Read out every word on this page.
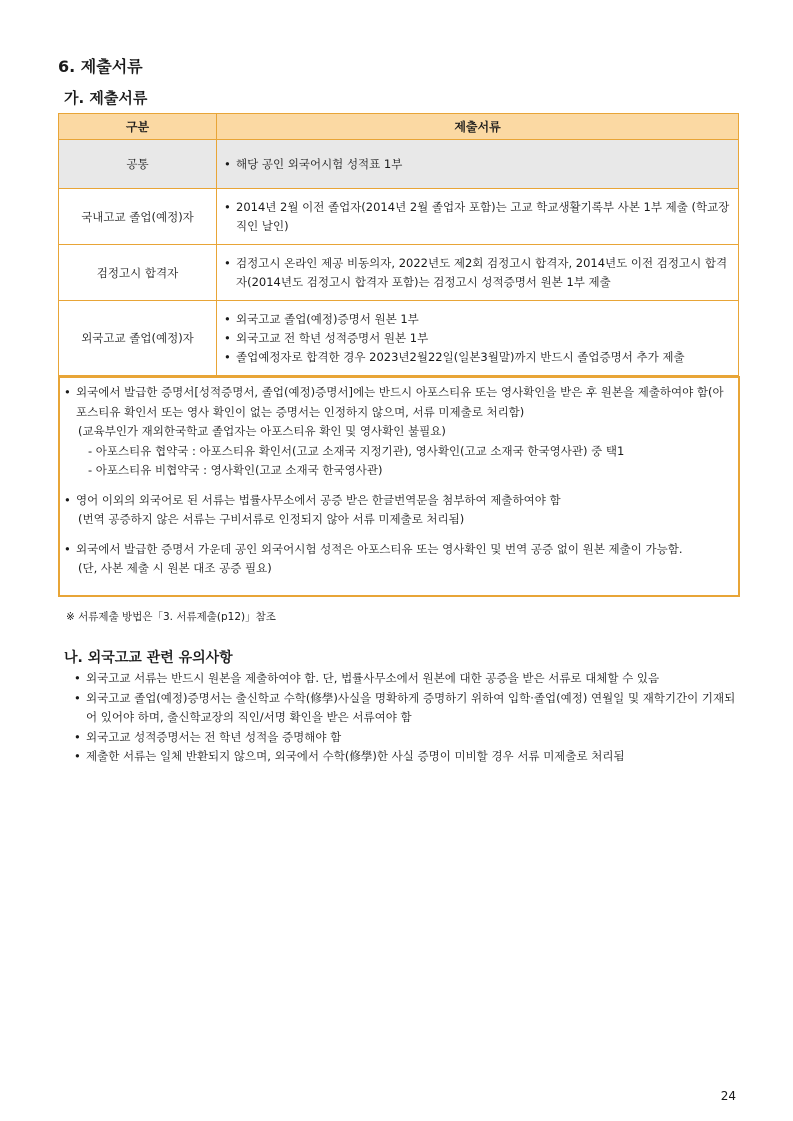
6. 제출서류
가. 제출서류
구분	제출서류
공통	• 해당 공인 외국어시험 성적표 1부

국내고교 졸업(예정)자	• 2014년 2월 이전 졸업자(2014년 2월 졸업자 포함)는 고교 학교생활기록부 사본 1부 제출 (학교장 직인 날인)

검정고시 합격자	• 검정고시 온라인 제공 비동의자, 2022년도 제2회 검정고시 합격자, 2014년도 이전 검정고시 합격자(2014년도 검정고시 합격자 포함)는 검정고시 성적증명서 원본 1부 제출

외국고교 졸업(예정)자	• 외국고교 졸업(예정)증명서 원본 1부
• 외국고교 전 학년 성적증명서 원본 1부
• 졸업예정자로 합격한 경우 2023년2월22일(일본3월말)까지 반드시 졸업증명서 추가 제출
• 외국에서 발급한 증명서[성적증명서, 졸업(예정)증명서]에는 반드시 아포스티유 또는 영사확인을 받은 후 원본을 제출하여야 함(아포스티유 확인서 또는 영사 확인이 없는 증명서는 인정하지 않으며, 서류 미제출로 처리함)
(교육부인가 재외한국학교 졸업자는 아포스티유 확인 및 영사확인 불필요)
- 아포스티유 협약국 : 아포스티유 확인서(고교 소재국 지정기관), 영사확인(고교 소재국 한국영사관) 중 택1
- 아포스티유 비협약국 : 영사확인(고교 소재국 한국영사관)
• 영어 이외의 외국어로 된 서류는 법률사무소에서 공증 받은 한글번역문을 첨부하여 제출하여야 함
(번역 공증하지 않은 서류는 구비서류로 인정되지 않아 서류 미제출로 처리됨)
• 외국에서 발급한 증명서 가운데 공인 외국어시험 성적은 아포스티유 또는 영사확인 및 번역 공증 없이 원본 제출이 가능함.
(단, 사본 제출 시 원본 대조 공증 필요)
※ 서류제출 방법은「3. 서류제출(p12)」참조
나. 외국고교 관련 유의사항
• 외국고교 서류는 반드시 원본을 제출하여야 함. 단, 법률사무소에서 원본에 대한 공증을 받은 서류로 대체할 수 있음
• 외국고교 졸업(예정)증명서는 출신학교 수학(修學)사실을 명확하게 증명하기 위하여 입학·졸업(예정) 연월일 및 재학기간이 기재되어 있어야 하며, 출신학교장의 직인/서명 확인을 받은 서류여야 함
• 외국고교 성적증명서는 전 학년 성적을 증명해야 함
• 제출한 서류는 일체 반환되지 않으며, 외국에서 수학(修學)한 사실 증명이 미비할 경우 서류 미제출로 처리됨
24
